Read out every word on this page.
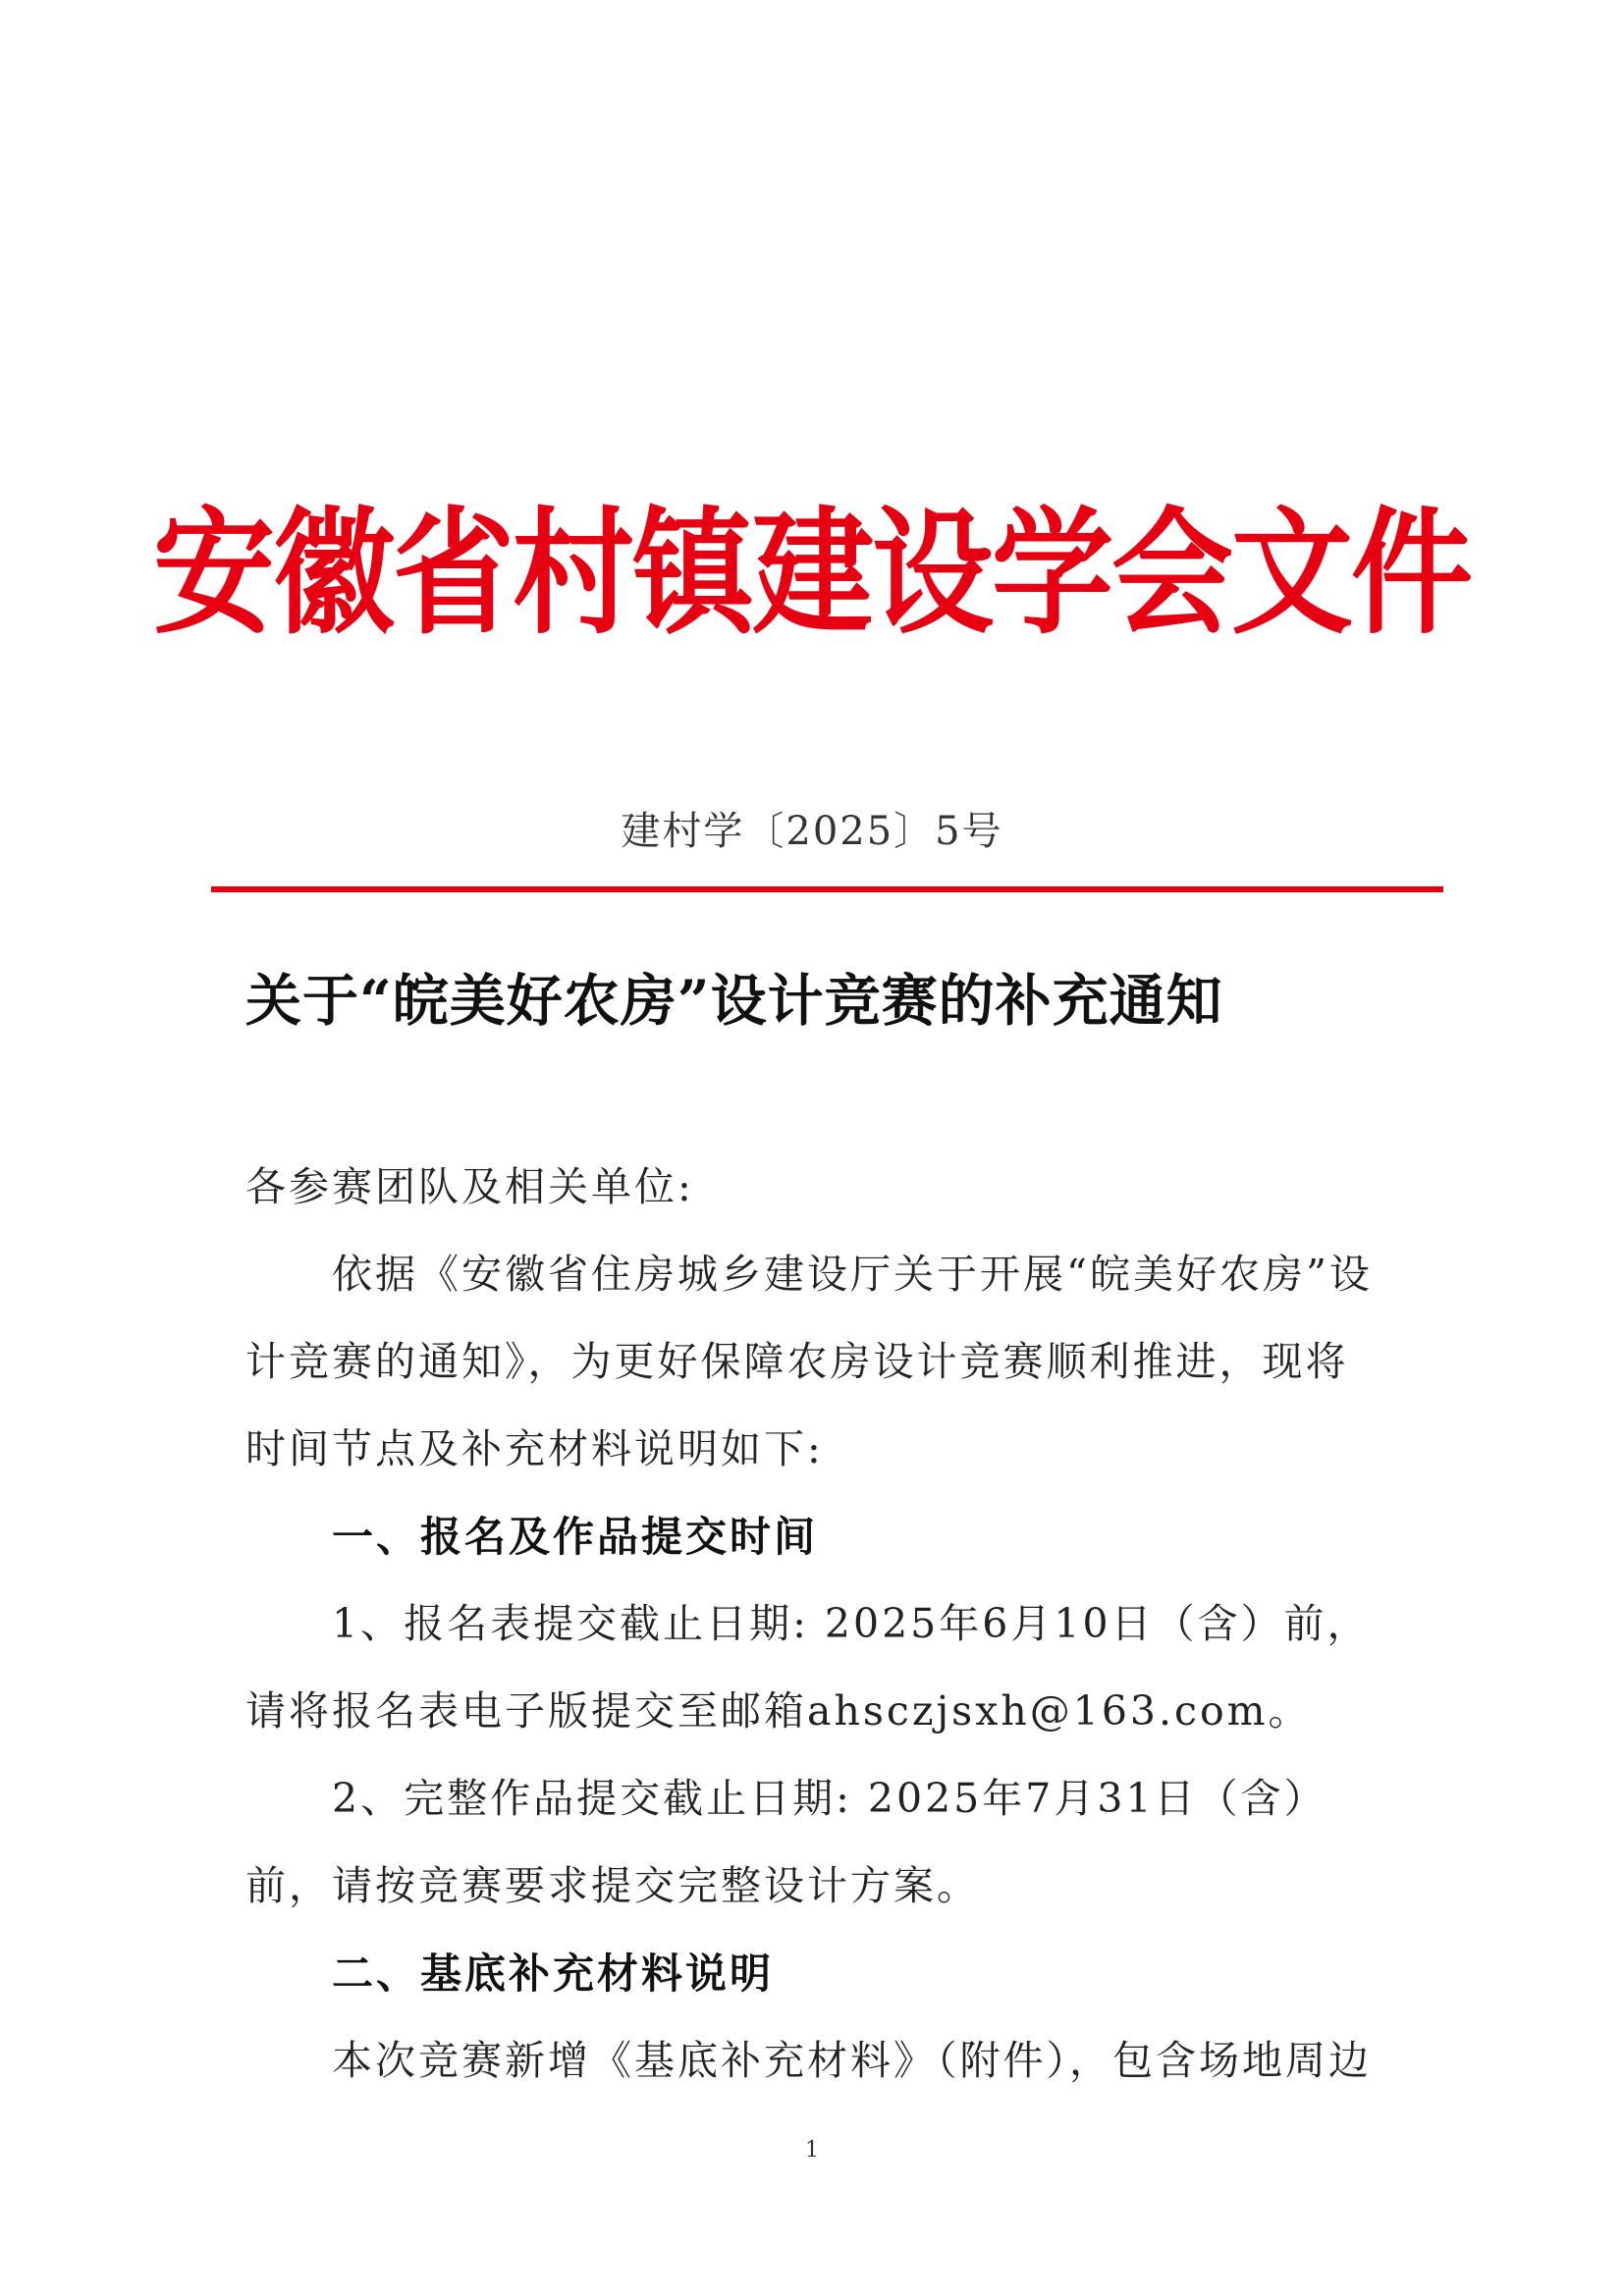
安徽省村镇建设学会文件
建村学〔2025〕5号
关于“皖美好农房”设计竞赛的补充通知

各参赛团队及相关单位:

依据《安徽省住房城乡建设厅关于开展“皖美好农房”设计竞赛的通知》，为更好保障农房设计竞赛顺利推进，现将时间节点及补充材料说明如下:

一、报名及作品提交时间

1、报名表提交截止日期: 2025年6月10日（含）前，请将报名表电子版提交至邮箱ahsczjsxh@163.com。

2、完整作品提交截止日期: 2025年7月31日（含）前，请按竞赛要求提交完整设计方案。

二、基底补充材料说明

本次竞赛新增《基底补充材料》（附件），包含场地周边

1
